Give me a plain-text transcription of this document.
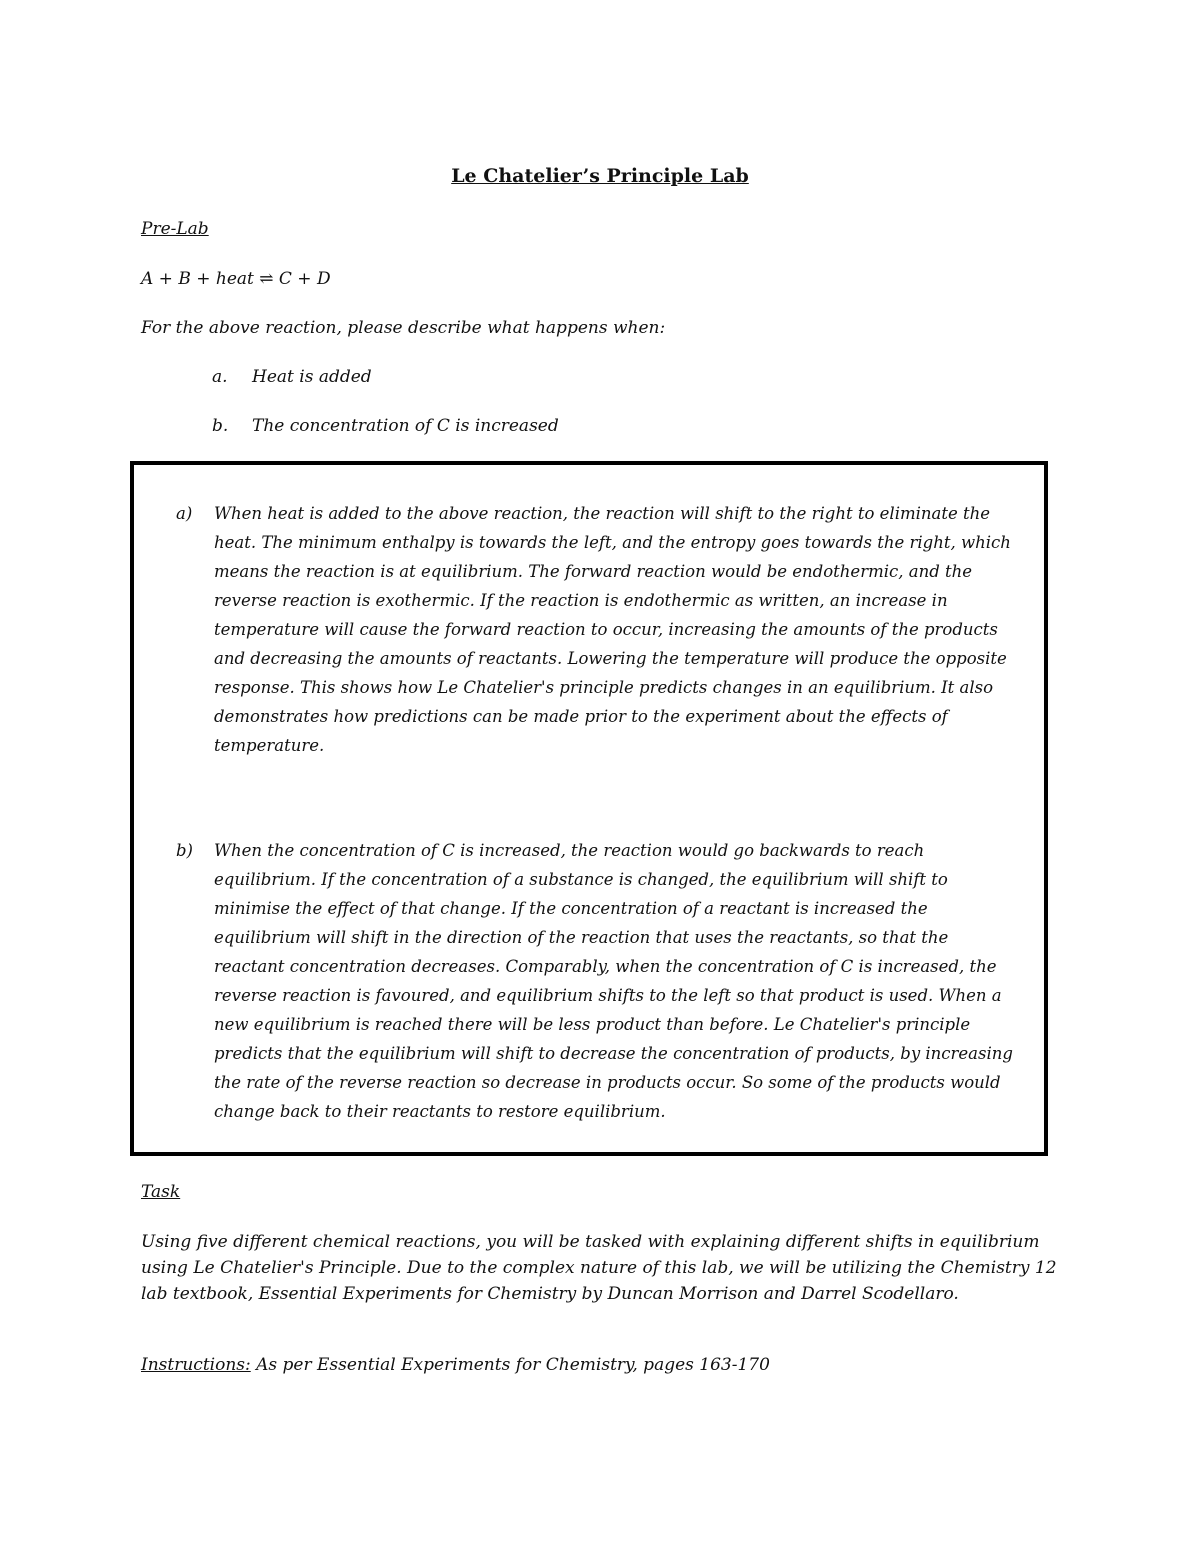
Le Chatelier’s Principle Lab
Pre-Lab
A + B + heat ⇌ C + D
For the above reaction, please describe what happens when:
a. Heat is added
b. The concentration of C is increased
a) When heat is added to the above reaction, the reaction will shift to the right to eliminate the heat. The minimum enthalpy is towards the left, and the entropy goes towards the right, which means the reaction is at equilibrium. The forward reaction would be endothermic, and the reverse reaction is exothermic. If the reaction is endothermic as written, an increase in temperature will cause the forward reaction to occur, increasing the amounts of the products and decreasing the amounts of reactants. Lowering the temperature will produce the opposite response. This shows how Le Chatelier's principle predicts changes in an equilibrium. It also demonstrates how predictions can be made prior to the experiment about the effects of temperature.
b) When the concentration of C is increased, the reaction would go backwards to reach equilibrium. If the concentration of a substance is changed, the equilibrium will shift to minimise the effect of that change. If the concentration of a reactant is increased the equilibrium will shift in the direction of the reaction that uses the reactants, so that the reactant concentration decreases. Comparably, when the concentration of C is increased, the reverse reaction is favoured, and equilibrium shifts to the left so that product is used. When a new equilibrium is reached there will be less product than before. Le Chatelier's principle predicts that the equilibrium will shift to decrease the concentration of products, by increasing the rate of the reverse reaction so decrease in products occur. So some of the products would change back to their reactants to restore equilibrium.
Task
Using five different chemical reactions, you will be tasked with explaining different shifts in equilibrium using Le Chatelier's Principle. Due to the complex nature of this lab, we will be utilizing the Chemistry 12 lab textbook, Essential Experiments for Chemistry by Duncan Morrison and Darrel Scodellaro.
Instructions: As per Essential Experiments for Chemistry, pages 163-170
